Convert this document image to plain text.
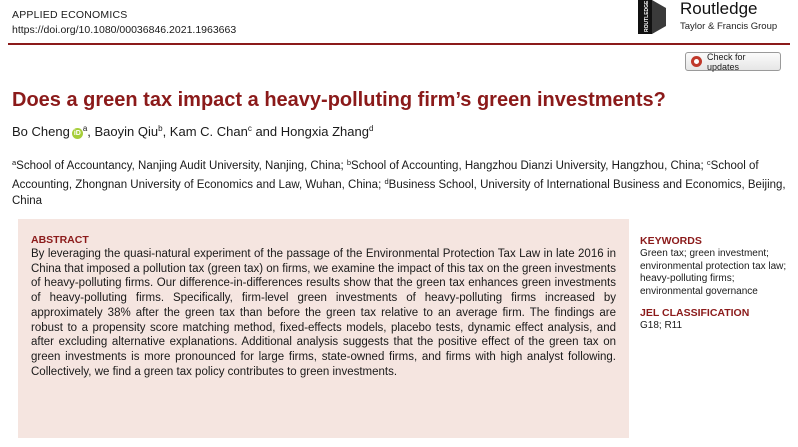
APPLIED ECONOMICS
https://doi.org/10.1080/00036846.2021.1963663	ROUTLEDGE Routledge
Taylor & Francis Group
Check for updates
Does a green tax impact a heavy-polluting firm’s green investments?
Bo Cheng $iD^a$, Baoyin Qiu$^b$, Kam C. Chan$^c$ and Hongxia Zhang$^d$
$^a$School of Accountancy, Nanjing Audit University, Nanjing, China; $^b$School of Accounting, Hangzhou Dianzi University, Hangzhou, China; $^c$School of Accounting, Zhongnan University of Economics and Law, Wuhan, China; $^d$Business School, University of International Business and Economics, Beijing, China
ABSTRACT

By leveraging the quasi-natural experiment of the passage of the Environmental Protection Tax Law in late 2016 in China that imposed a pollution tax (green tax) on firms, we examine the impact of this tax on the green investments of heavy-polluting firms. Our difference-in-differences results show that the green tax enhances green investments of heavy-polluting firms. Specifically, firm-level green investments of heavy-polluting firms increased by approximately 38% after the green tax than before the green tax relative to an average firm. The findings are robust to a propensity score matching method, fixed-effects models, placebo tests, dynamic effect analysis, and after excluding alternative explanations. Additional analysis suggests that the positive effect of the green tax on green investments is more pronounced for large firms, state-owned firms, and firms with high analyst following. Collectively, we find a green tax policy contributes to green investments.

KEYWORDS

Green tax; green investment; environmental protection tax law; heavy-polluting firms; environmental governance

JEL CLASSIFICATION

G18; R11
